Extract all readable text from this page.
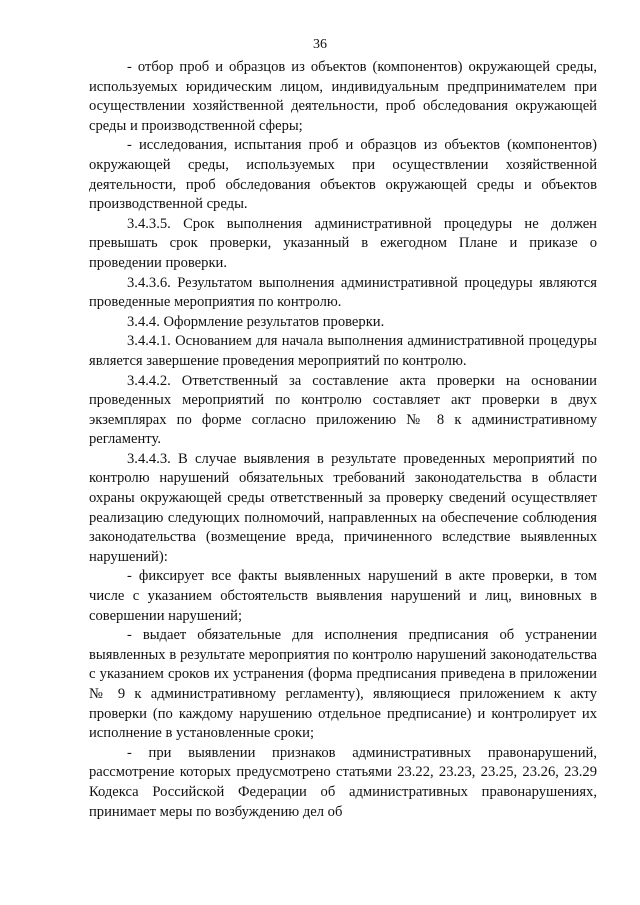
36

- отбор проб и образцов из объектов (компонентов) окружающей среды, используемых юридическим лицом, индивидуальным предпринимателем при осуществлении хозяйственной деятельности, проб обследования окружающей среды и производственной сферы;

- исследования, испытания проб и образцов из объектов (компонентов) окружающей среды, используемых при осуществлении хозяйственной деятельности, проб обследования объектов окружающей среды и объектов производственной среды.

3.4.3.5. Срок выполнения административной процедуры не должен превышать срок проверки, указанный в ежегодном Плане и приказе о проведении проверки.

3.4.3.6. Результатом выполнения административной процедуры являются проведенные мероприятия по контролю.

3.4.4. Оформление результатов проверки.

3.4.4.1. Основанием для начала выполнения административной процедуры является завершение проведения мероприятий по контролю.

3.4.4.2. Ответственный за составление акта проверки на основании проведенных мероприятий по контролю составляет акт проверки в двух экземплярах по форме согласно приложению № 8 к административному регламенту.

3.4.4.3. В случае выявления в результате проведенных мероприятий по контролю нарушений обязательных требований законодательства в области охраны окружающей среды ответственный за проверку сведений осуществляет реализацию следующих полномочий, направленных на обеспечение соблюдения законодательства (возмещение вреда, причиненного вследствие выявленных нарушений):

- фиксирует все факты выявленных нарушений в акте проверки, в том числе с указанием обстоятельств выявления нарушений и лиц, виновных в совершении нарушений;

- выдает обязательные для исполнения предписания об устранении выявленных в результате мероприятия по контролю нарушений законодательства с указанием сроков их устранения (форма предписания приведена в приложении № 9 к административному регламенту), являющиеся приложением к акту проверки (по каждому нарушению отдельное предписание) и контролирует их исполнение в установленные сроки;

- при выявлении признаков административных правонарушений, рассмотрение которых предусмотрено статьями 23.22, 23.23, 23.25, 23.26, 23.29 Кодекса Российской Федерации об административных правонарушениях, принимает меры по возбуждению дел об
